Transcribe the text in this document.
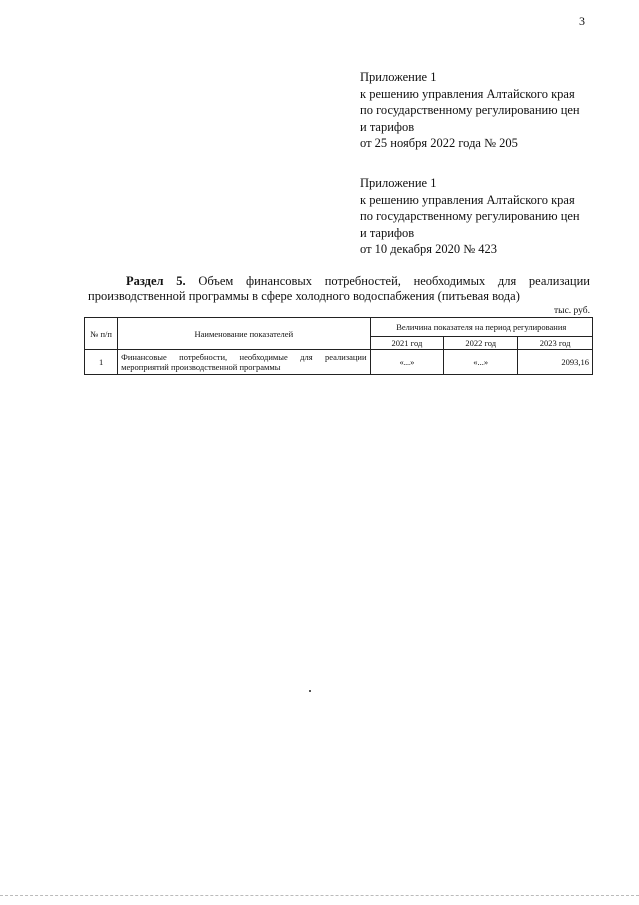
3
Приложение 1
к решению управления Алтайского края
по государственному регулированию цен
и тарифов
от 25 ноября 2022 года № 205
Приложение 1
к решению управления Алтайского края
по государственному регулированию цен
и тарифов
от 10 декабря 2020 № 423
Раздел 5. Объем финансовых потребностей, необходимых для реализации
производственной программы в сфере холодного водоспабжения (питьевая вода)
тыс. руб.
№ п/п	Наименование показателей	Величина показателя на период регулирования		
		2021 год	2022 год	2023 год
1	Финансовые потребности, необходимые для реализации мероприятий производственной программы	«...»	«...»	2093,16
